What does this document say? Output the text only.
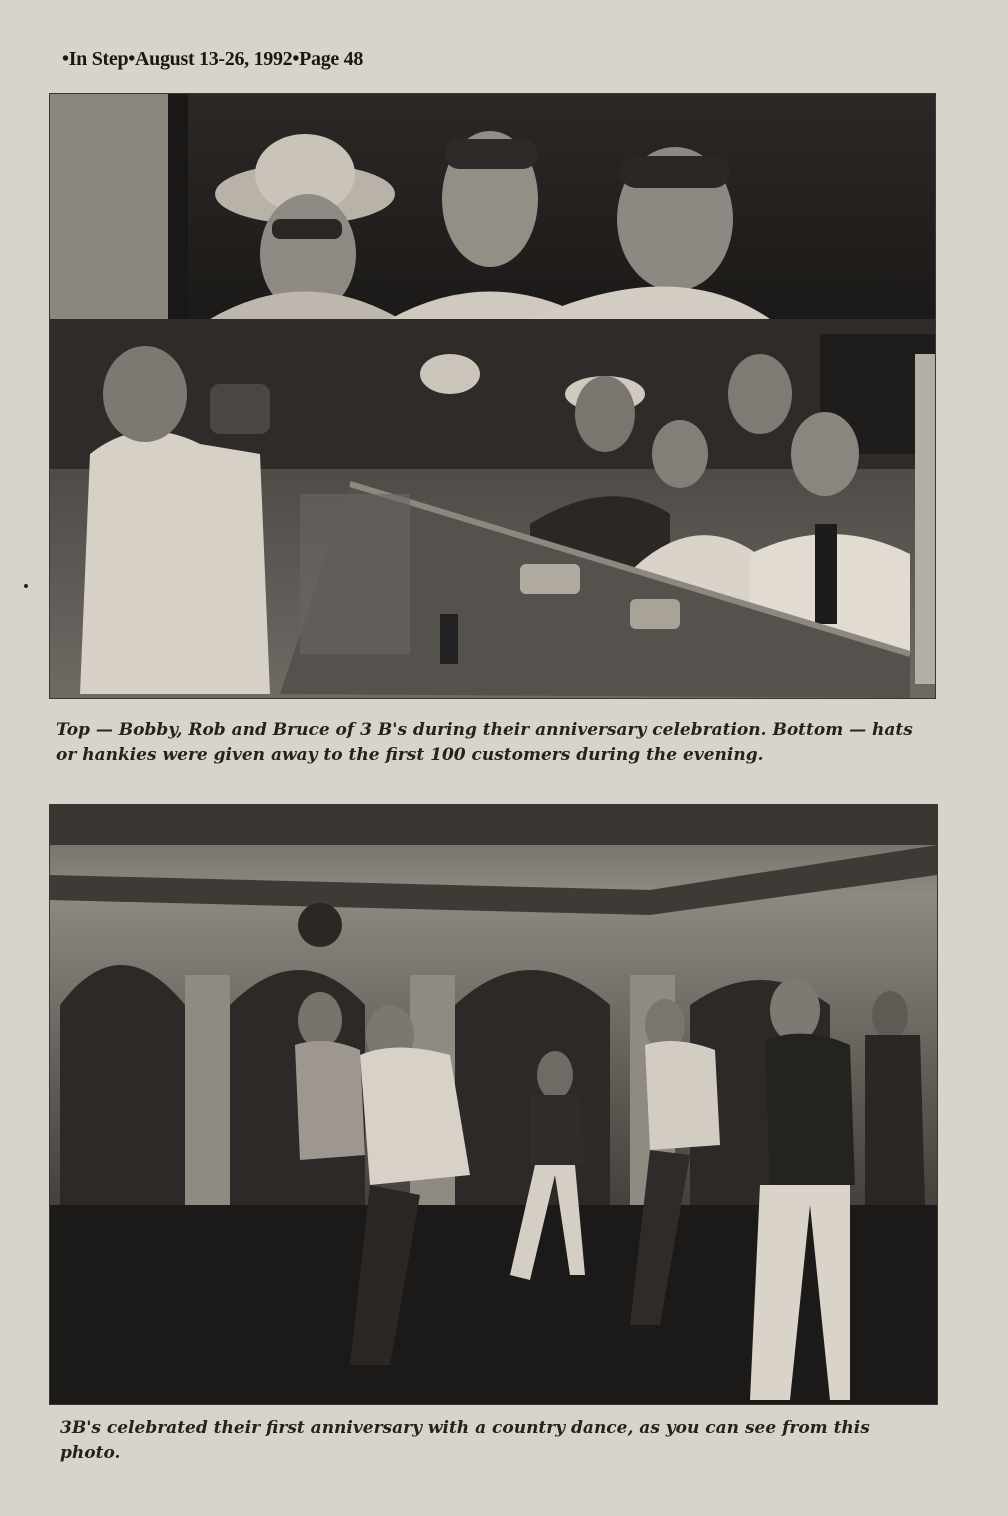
•In Step•August 13-26, 1992•Page 48
Top — Bobby, Rob and Bruce of 3 B's during their anniversary celebration. Bottom — hats or hankies were given away to the first 100 customers during the evening.
3B's celebrated their first anniversary with a country dance, as you can see from this photo.
